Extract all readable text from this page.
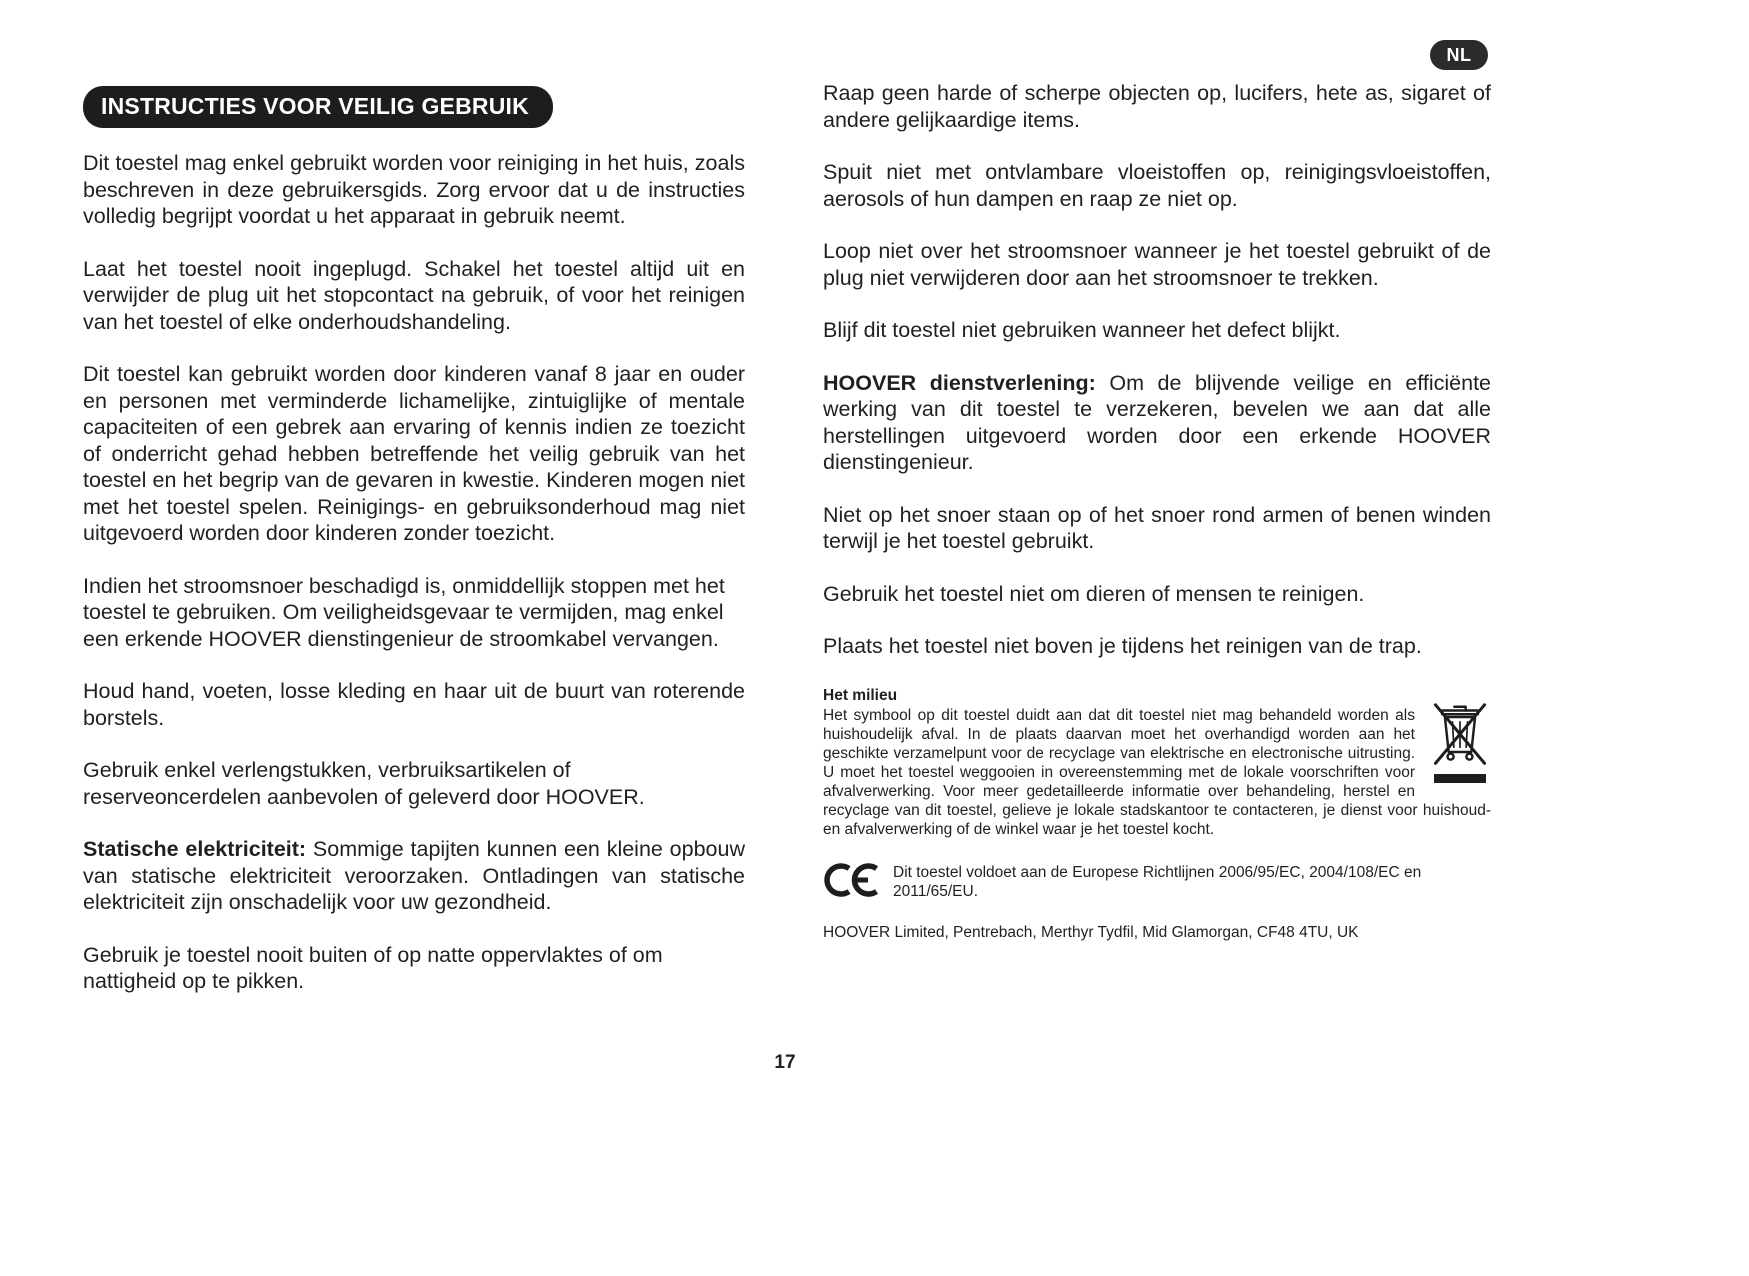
NL
INSTRUCTIES VOOR VEILIG GEBRUIK

Dit toestel mag enkel gebruikt worden voor reiniging in het huis, zoals beschreven in deze gebruikersgids. Zorg ervoor dat u de instructies volledig begrijpt voordat u het apparaat in gebruik neemt.

Laat het toestel nooit ingeplugd. Schakel het toestel altijd uit en verwijder de plug uit het stopcontact na gebruik, of voor het reinigen van het toestel of elke onderhoudshandeling.

Dit toestel kan gebruikt worden door kinderen vanaf 8 jaar en ouder en personen met verminderde lichamelijke, zintuiglijke of mentale capaciteiten of een gebrek aan ervaring of kennis indien ze toezicht of onderricht gehad hebben betreffende het veilig gebruik van het toestel en het begrip van de gevaren in kwestie. Kinderen mogen niet met het toestel spelen. Reinigings- en gebruiksonderhoud mag niet uitgevoerd worden door kinderen zonder toezicht.

Indien het stroomsnoer beschadigd is, onmiddellijk stoppen met het toestel te gebruiken. Om veiligheidsgevaar te vermijden, mag enkel een erkende HOOVER dienstingenieur de stroomkabel vervangen.

Houd hand, voeten, losse kleding en haar uit de buurt van roterende borstels.

Gebruik enkel verlengstukken, verbruiksartikelen of reserveoncerdelen aanbevolen of geleverd door HOOVER.

Statische elektriciteit: Sommige tapijten kunnen een kleine opbouw van statische elektriciteit veroorzaken. Ontladingen van statische elektriciteit zijn onschadelijk voor uw gezondheid.

Gebruik je toestel nooit buiten of op natte oppervlaktes of om nattigheid op te pikken.

Raap geen harde of scherpe objecten op, lucifers, hete as, sigaret of andere gelijkaardige items.

Spuit niet met ontvlambare vloeistoffen op, reinigingsvloeistoffen, aerosols of hun dampen en raap ze niet op.

Loop niet over het stroomsnoer wanneer je het toestel gebruikt of de plug niet verwijderen door aan het stroomsnoer te trekken.

Blijf dit toestel niet gebruiken wanneer het defect blijkt.

HOOVER dienstverlening: Om de blijvende veilige en efficiënte werking van dit toestel te verzekeren, bevelen we aan dat alle herstellingen uitgevoerd worden door een erkende HOOVER dienstingenieur.

Niet op het snoer staan op of het snoer rond armen of benen winden terwijl je het toestel gebruikt.

Gebruik het toestel niet om dieren of mensen te reinigen.

Plaats het toestel niet boven je tijdens het reinigen van de trap.

Het milieu

Het symbool op dit toestel duidt aan dat dit toestel niet mag behandeld worden als huishoudelijk afval. In de plaats daarvan moet het overhandigd worden aan het geschikte verzamelpunt voor de recyclage van elektrische en electronische uitrusting. U moet het toestel weggooien in overeenstemming met de lokale voorschriften voor afvalverwerking. Voor meer gedetailleerde informatie over behandeling, herstel en recyclage van dit toestel, gelieve je lokale stadskantoor te contacteren, je dienst voor huishoud- en afvalverwerking of de winkel waar je het toestel kocht.

Dit toestel voldoet aan de Europese Richtlijnen 2006/95/EC, 2004/108/EC en 2011/65/EU.
HOOVER Limited, Pentrebach, Merthyr Tydfil, Mid Glamorgan, CF48 4TU, UK
17
